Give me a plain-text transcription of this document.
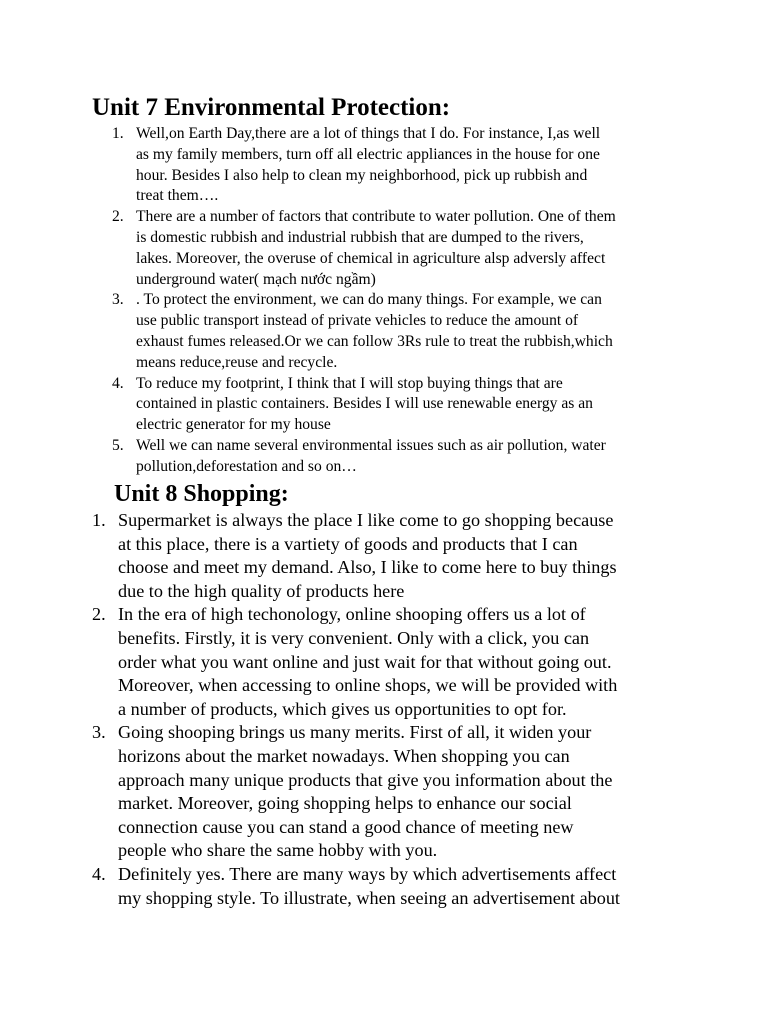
Unit 7 Environmental Protection:
1. Well,on Earth Day,there are a lot of things that I do. For instance, I,as well
as my family members, turn off all electric appliances in the house for one
hour. Besides I also help to clean my neighborhood, pick up rubbish and
treat them….
2. There are a number of factors that contribute to water pollution. One of them
is domestic rubbish and industrial rubbish that are dumped to the rivers,
lakes. Moreover, the overuse of chemical in agriculture alsp adversly affect
underground water( mạch nước ngầm)
3. . To protect the environment, we can do many things. For example, we can
use public transport instead of private vehicles to reduce the amount of
exhaust fumes released.Or we can follow 3Rs rule to treat the rubbish,which
means reduce,reuse and recycle.
4. To reduce my footprint, I think that I will stop buying things that are
contained in plastic containers. Besides I will use renewable energy as an
electric generator for my house
5. Well we can name several environmental issues such as air pollution, water
pollution,deforestation and so on…
Unit 8 Shopping:
1. Supermarket is always the place I like come to go shopping because
at this place, there is a vartiety of goods and products that I can
choose and meet my demand. Also, I like to come here to buy things
due to the high quality of products here
2. In the era of high techonology, online shooping offers us a lot of
benefits. Firstly, it is very convenient. Only with a click, you can
order what you want online and just wait for that without going out.
Moreover, when accessing to online shops, we will be provided with
a number of products, which gives us opportunities to opt for.
3. Going shooping brings us many merits. First of all, it widen your
horizons about the market nowadays. When shopping you can
approach many unique products that give you information about the
market. Moreover, going shopping helps to enhance our social
connection cause you can stand a good chance of meeting new
people who share the same hobby with you.
4. Definitely yes. There are many ways by which advertisements affect
my shopping style. To illustrate, when seeing an advertisement about
